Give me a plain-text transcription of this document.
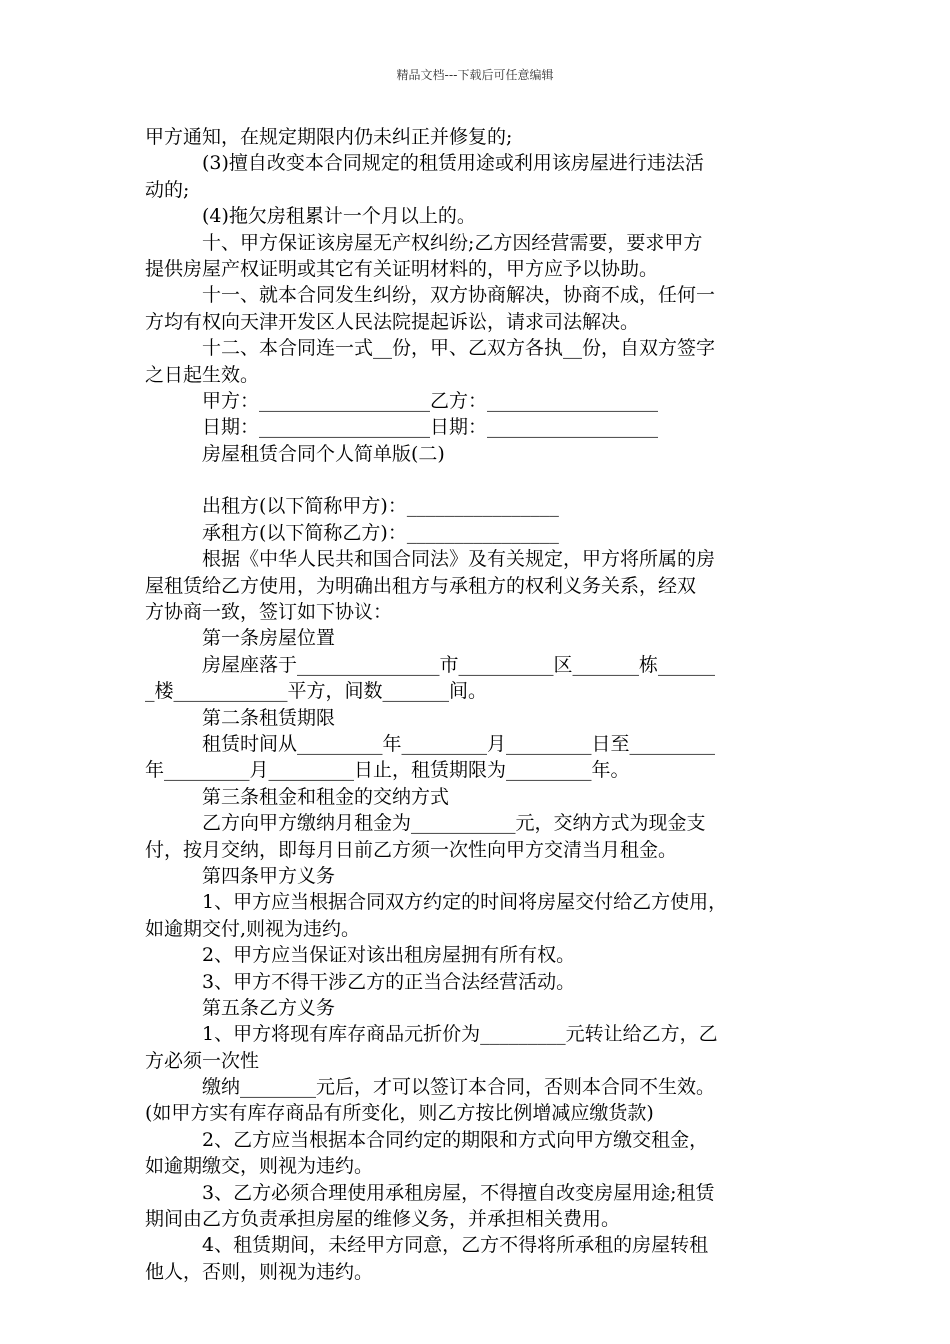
精品文档---下载后可任意编辑
甲方通知，在规定期限内仍未纠正并修复的;
(3)擅自改变本合同规定的租赁用途或利用该房屋进行违法活
动的;
(4)拖欠房租累计一个月以上的。
十、甲方保证该房屋无产权纠纷;乙方因经营需要，要求甲方
提供房屋产权证明或其它有关证明材料的，甲方应予以协助。
十一、就本合同发生纠纷，双方协商解决，协商不成，任何一
方均有权向天津开发区人民法院提起诉讼，请求司法解决。
十二、本合同连一式__份，甲、乙双方各执__份，自双方签字
之日起生效。
甲方：__________________乙方：__________________
日期：__________________日期：__________________
房屋租赁合同个人简单版(二)
出租方(以下简称甲方)：________________
承租方(以下简称乙方)：________________
根据《中华人民共和国合同法》及有关规定，甲方将所属的房
屋租赁给乙方使用，为明确出租方与承租方的权利义务关系，经双
方协商一致，签订如下协议：
第一条房屋位置
房屋座落于_______________市__________区_______栋______
_楼____________平方，间数_______间。
第二条租赁期限
租赁时间从_________年_________月_________日至_________
年_________月_________日止，租赁期限为_________年。
第三条租金和租金的交纳方式
乙方向甲方缴纳月租金为___________元，交纳方式为现金支
付，按月交纳，即每月日前乙方须一次性向甲方交清当月租金。
第四条甲方义务
1、甲方应当根据合同双方约定的时间将房屋交付给乙方使用，
如逾期交付,则视为违约。
2、甲方应当保证对该出租房屋拥有所有权。
3、甲方不得干涉乙方的正当合法经营活动。
第五条乙方义务
1、甲方将现有库存商品元折价为_________元转让给乙方，乙
方必须一次性
缴纳________元后，才可以签订本合同，否则本合同不生效。
(如甲方实有库存商品有所变化，则乙方按比例增减应缴货款)
2、乙方应当根据本合同约定的期限和方式向甲方缴交租金，
如逾期缴交，则视为违约。
3、乙方必须合理使用承租房屋，不得擅自改变房屋用途;租赁
期间由乙方负责承担房屋的维修义务，并承担相关费用。
4、租赁期间，未经甲方同意，乙方不得将所承租的房屋转租
他人，否则，则视为违约。
